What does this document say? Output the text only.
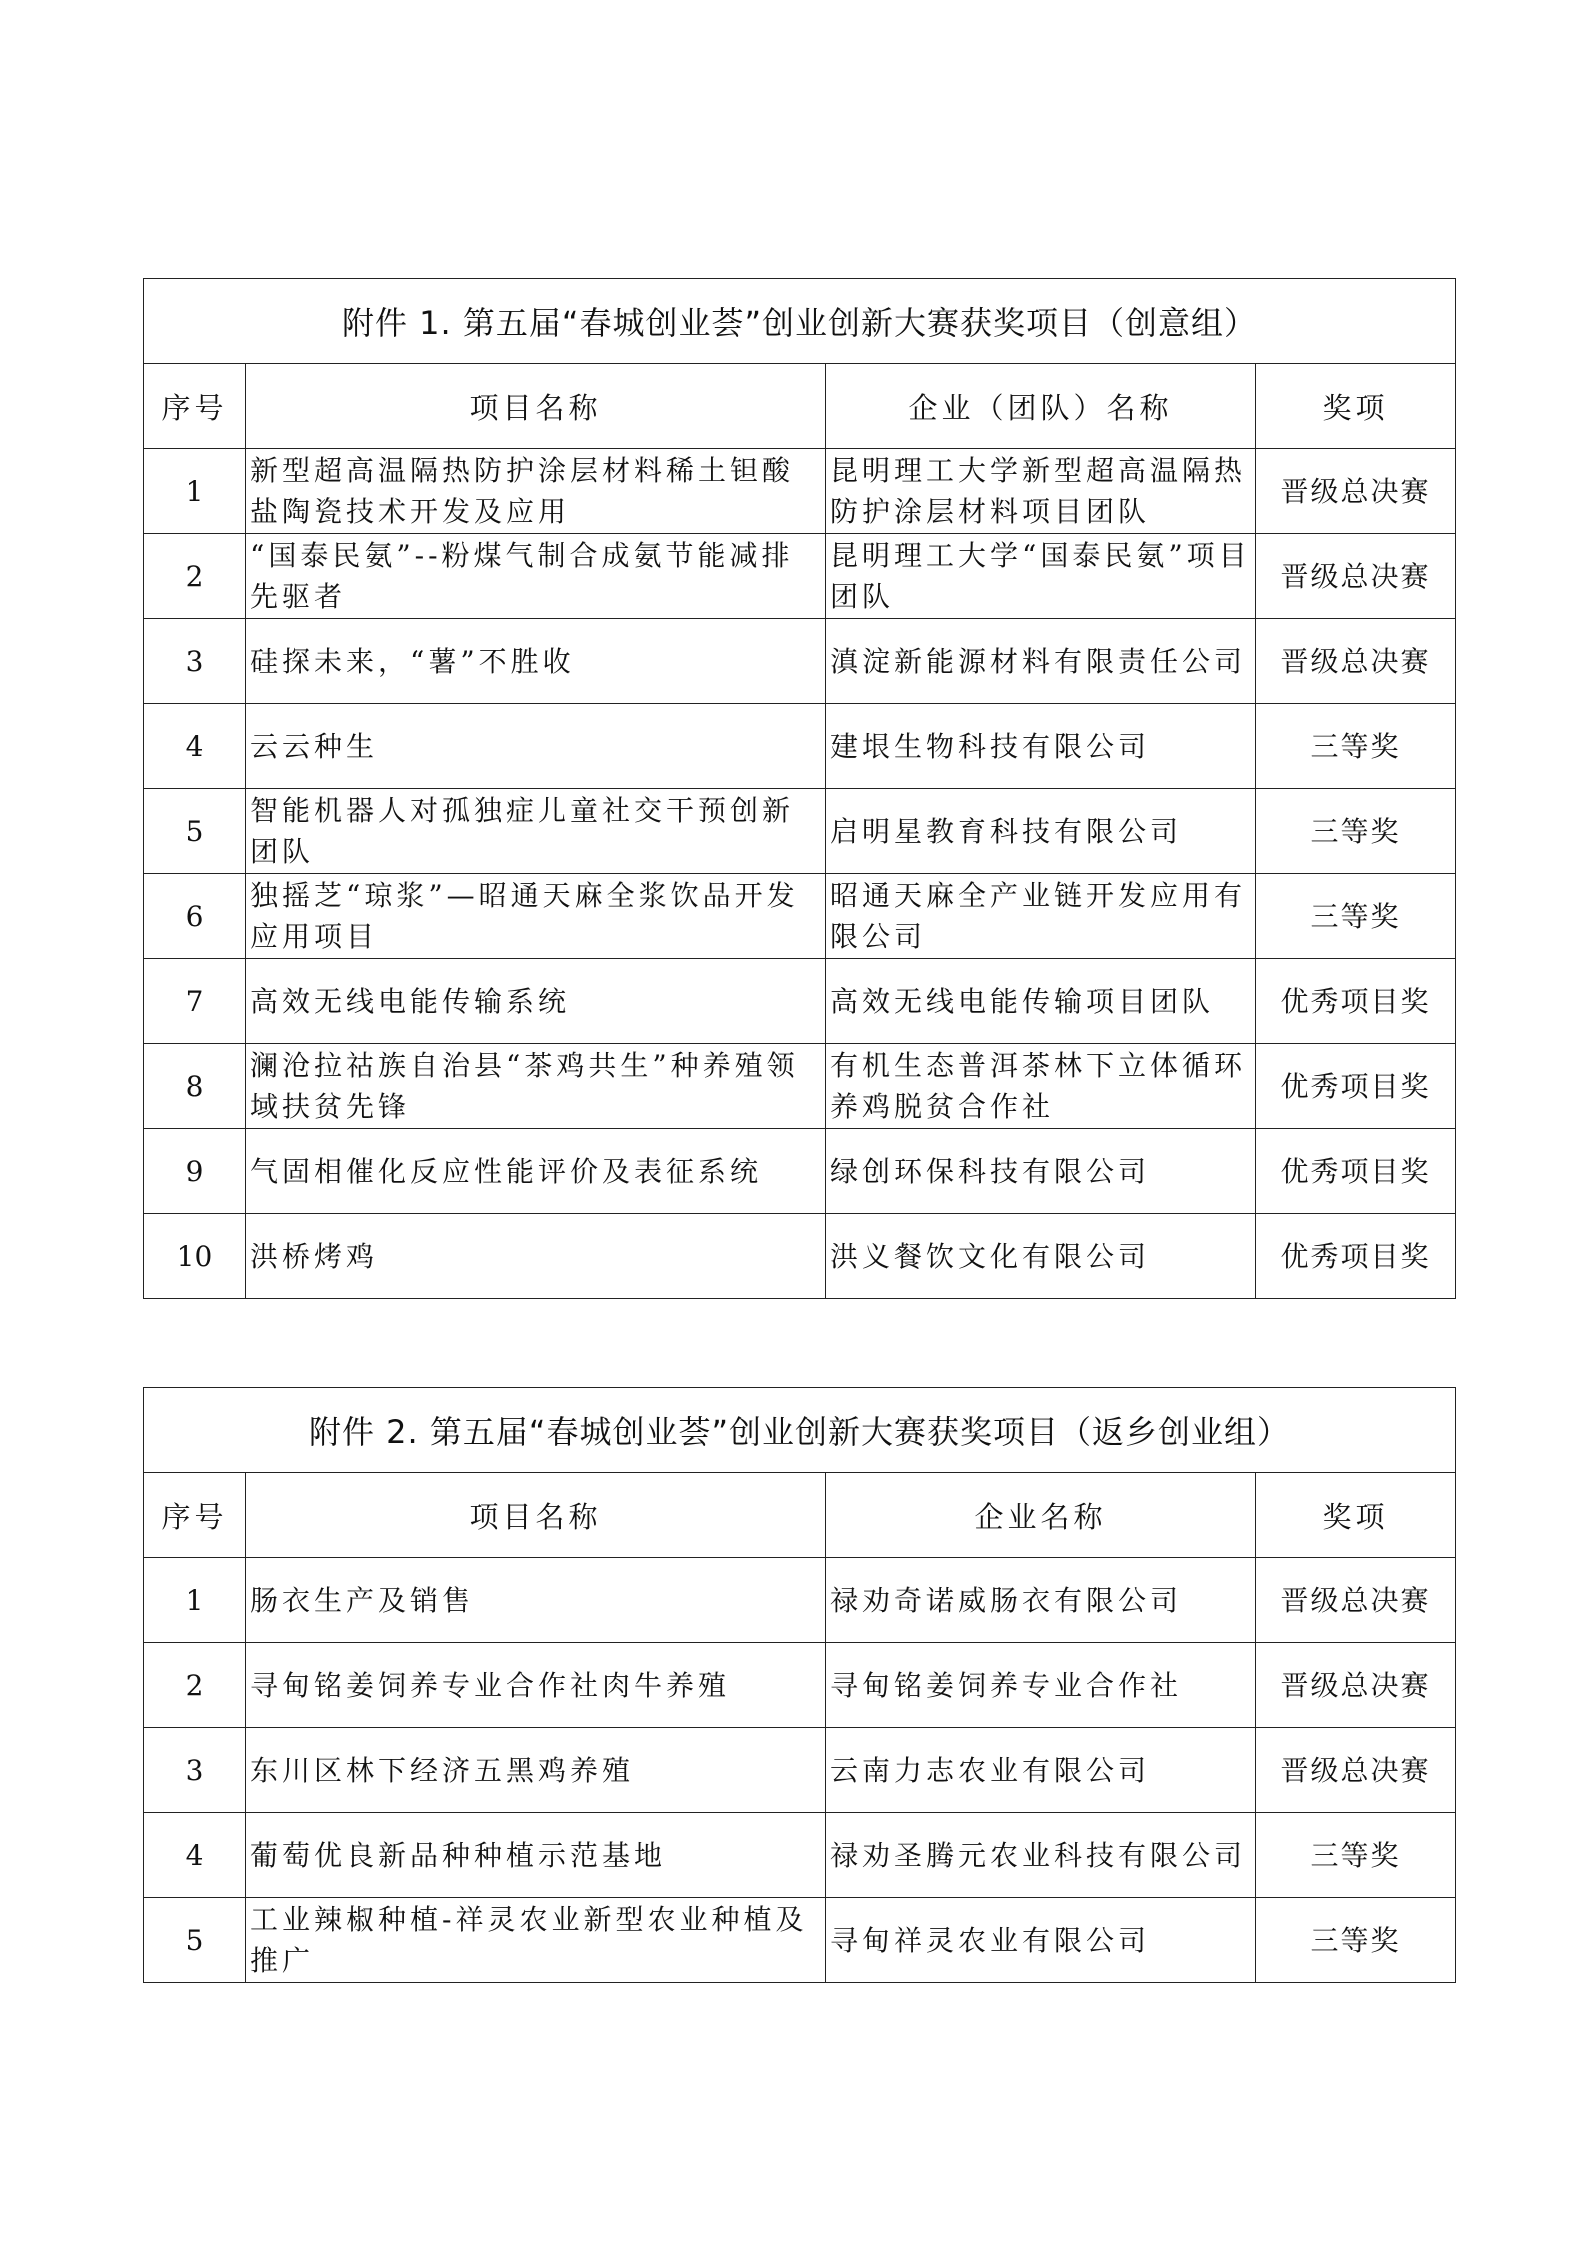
附件 1. 第五届“春城创业荟”创业创新大赛获奖项目（创意组）			
序号	项目名称	企业（团队）名称	奖项
1	新型超高温隔热防护涂层材料稀土钽酸盐陶瓷技术开发及应用	昆明理工大学新型超高温隔热防护涂层材料项目团队	晋级总决赛
2	“国泰民氨”--粉煤气制合成氨节能减排先驱者	昆明理工大学“国泰民氨”项目团队	晋级总决赛
3	硅探未来，“薯”不胜收	滇淀新能源材料有限责任公司	晋级总决赛
4	云云种生	建垠生物科技有限公司	三等奖
5	智能机器人对孤独症儿童社交干预创新团队	启明星教育科技有限公司	三等奖
6	独摇芝“琼浆”—昭通天麻全浆饮品开发应用项目	昭通天麻全产业链开发应用有限公司	三等奖
7	高效无线电能传输系统	高效无线电能传输项目团队	优秀项目奖
8	澜沧拉祜族自治县“茶鸡共生”种养殖领域扶贫先锋	有机生态普洱茶林下立体循环养鸡脱贫合作社	优秀项目奖
9	气固相催化反应性能评价及表征系统	绿创环保科技有限公司	优秀项目奖
10	洪桥烤鸡	洪义餐饮文化有限公司	优秀项目奖
附件 2. 第五届“春城创业荟”创业创新大赛获奖项目（返乡创业组）			
序号	项目名称	企业名称	奖项
1	肠衣生产及销售	禄劝奇诺威肠衣有限公司	晋级总决赛
2	寻甸铭姜饲养专业合作社肉牛养殖	寻甸铭姜饲养专业合作社	晋级总决赛
3	东川区林下经济五黑鸡养殖	云南力志农业有限公司	晋级总决赛
4	葡萄优良新品种种植示范基地	禄劝圣腾元农业科技有限公司	三等奖
5	工业辣椒种植-祥灵农业新型农业种植及推广	寻甸祥灵农业有限公司	三等奖
